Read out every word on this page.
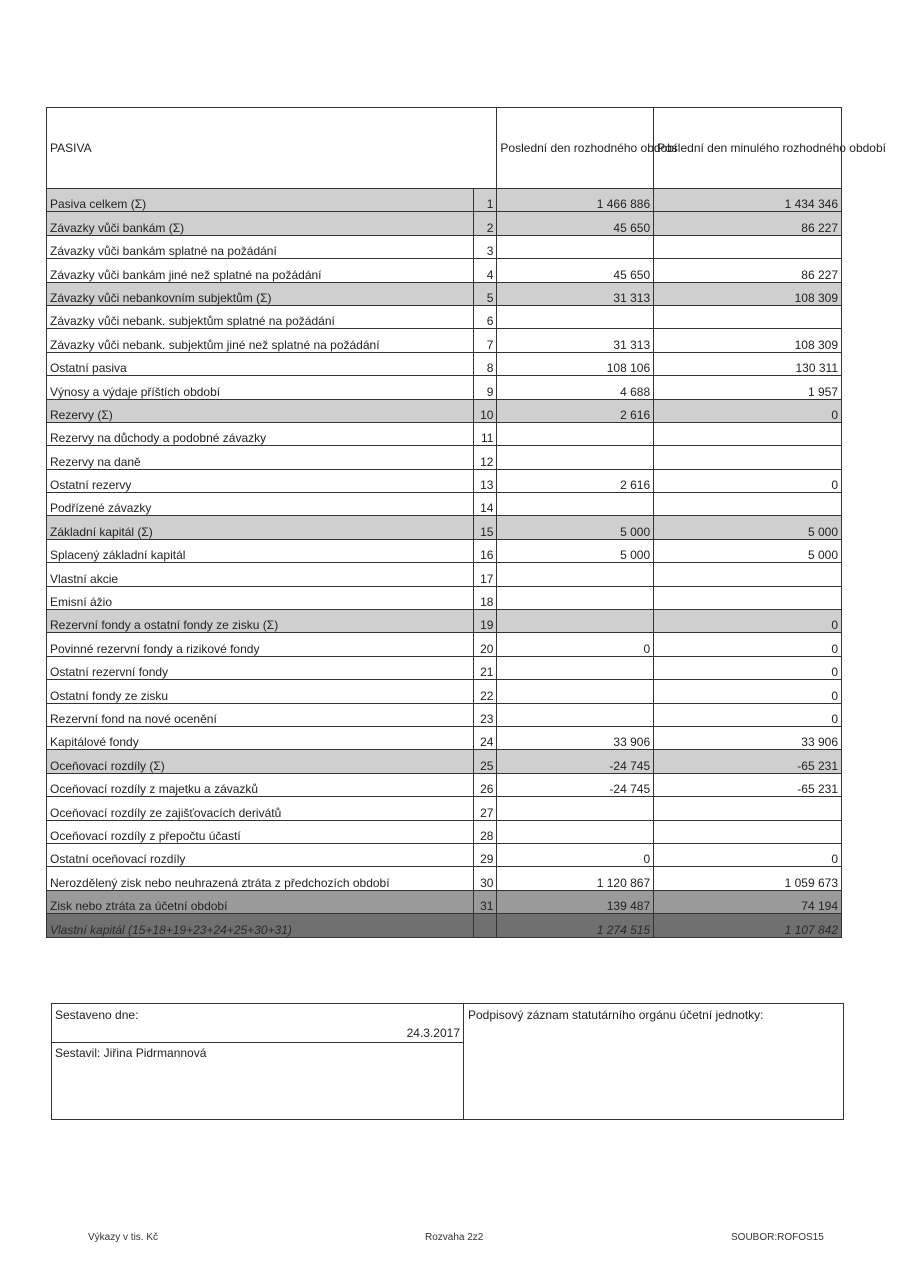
PASIVA		Poslední den rozhodného období	Poslední den minulého rozhodného období
Pasiva celkem (Σ)	1	1 466 886	1 434 346
Závazky vůči bankám (Σ)	2	45 650	86 227
Závazky vůči bankám splatné na požádání	3		
Závazky vůči bankám jiné než splatné na požádání	4	45 650	86 227
Závazky vůči nebankovním subjektům (Σ)	5	31 313	108 309
Závazky vůči nebank. subjektům splatné na požádání	6		
Závazky vůči nebank. subjektům jiné než splatné na požádání	7	31 313	108 309
Ostatní pasiva	8	108 106	130 311
Výnosy a výdaje příštích období	9	4 688	1 957
Rezervy (Σ)	10	2 616	0
Rezervy na důchody a podobné závazky	11		
Rezervy na daně	12		
Ostatní rezervy	13	2 616	0
Podřízené závazky	14		
Základní kapitál (Σ)	15	5 000	5 000
Splacený základní kapitál	16	5 000	5 000
Vlastní akcie	17		
Emisní ážio	18		
Rezervní fondy a ostatní fondy ze zisku (Σ)	19		0
Povinné rezervní fondy a rizikové fondy	20	0	0
Ostatní rezervní fondy	21		0
Ostatní fondy ze zisku	22		0
Rezervní fond na nové ocenění	23		0
Kapitálové fondy	24	33 906	33 906
Oceňovací rozdíly (Σ)	25	-24 745	-65 231
Oceňovací rozdíly z majetku a závazků	26	-24 745	-65 231
Oceňovací rozdíly ze zajišťovacích derivátů	27		
Oceňovací rozdíly z přepočtu účastí	28		
Ostatní oceňovací rozdíly	29	0	0
Nerozdělený zisk nebo neuhrazená ztráta z předchozích období	30	1 120 867	1 059 673
Zisk nebo ztráta za účetní období	31	139 487	74 194
Vlastní kapitál (15+18+19+23+24+25+30+31)		1 274 515	1 107 842
Sestaveno dne:
24.3.2017
Sestavil: Jiřina Pidrmannová
Podpisový záznam statutárního orgánu účetní jednotky:
Výkazy v tis. Kč	Rozvaha 2z2	SOUBOR:ROFOS15
